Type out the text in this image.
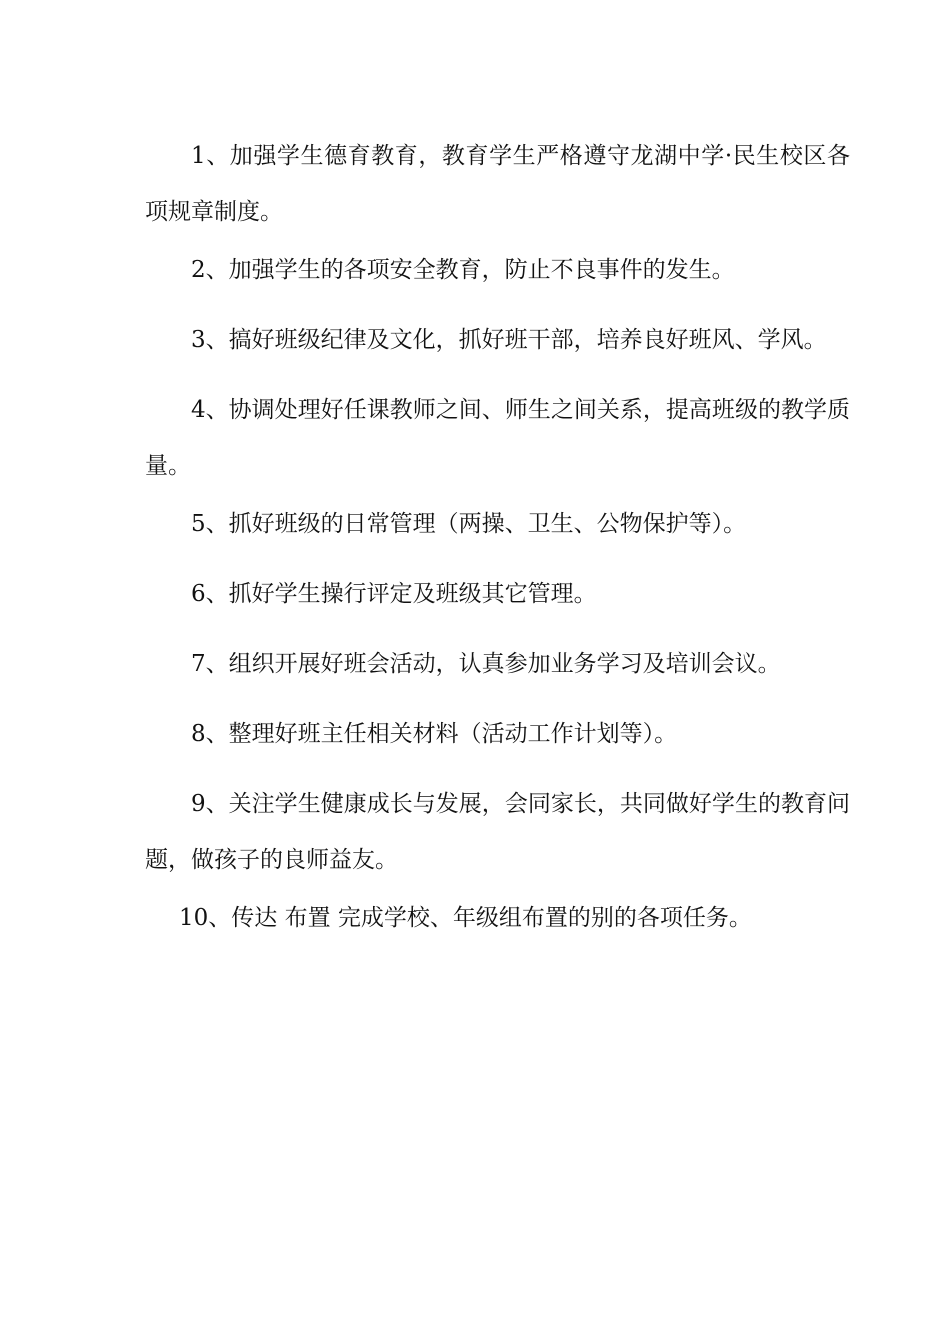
1、加强学生德育教育，教育学生严格遵守龙湖中学·民生校区各项规章制度。

2、加强学生的各项安全教育，防止不良事件的发生。

3、搞好班级纪律及文化，抓好班干部，培养良好班风、学风。

4、协调处理好任课教师之间、师生之间关系，提高班级的教学质量。

5、抓好班级的日常管理（两操、卫生、公物保护等）。

6、抓好学生操行评定及班级其它管理。

7、组织开展好班会活动，认真参加业务学习及培训会议。

8、整理好班主任相关材料（活动工作计划等）。

9、关注学生健康成长与发展，会同家长，共同做好学生的教育问题，做孩子的良师益友。

10、传达 布置 完成学校、年级组布置的别的各项任务。
